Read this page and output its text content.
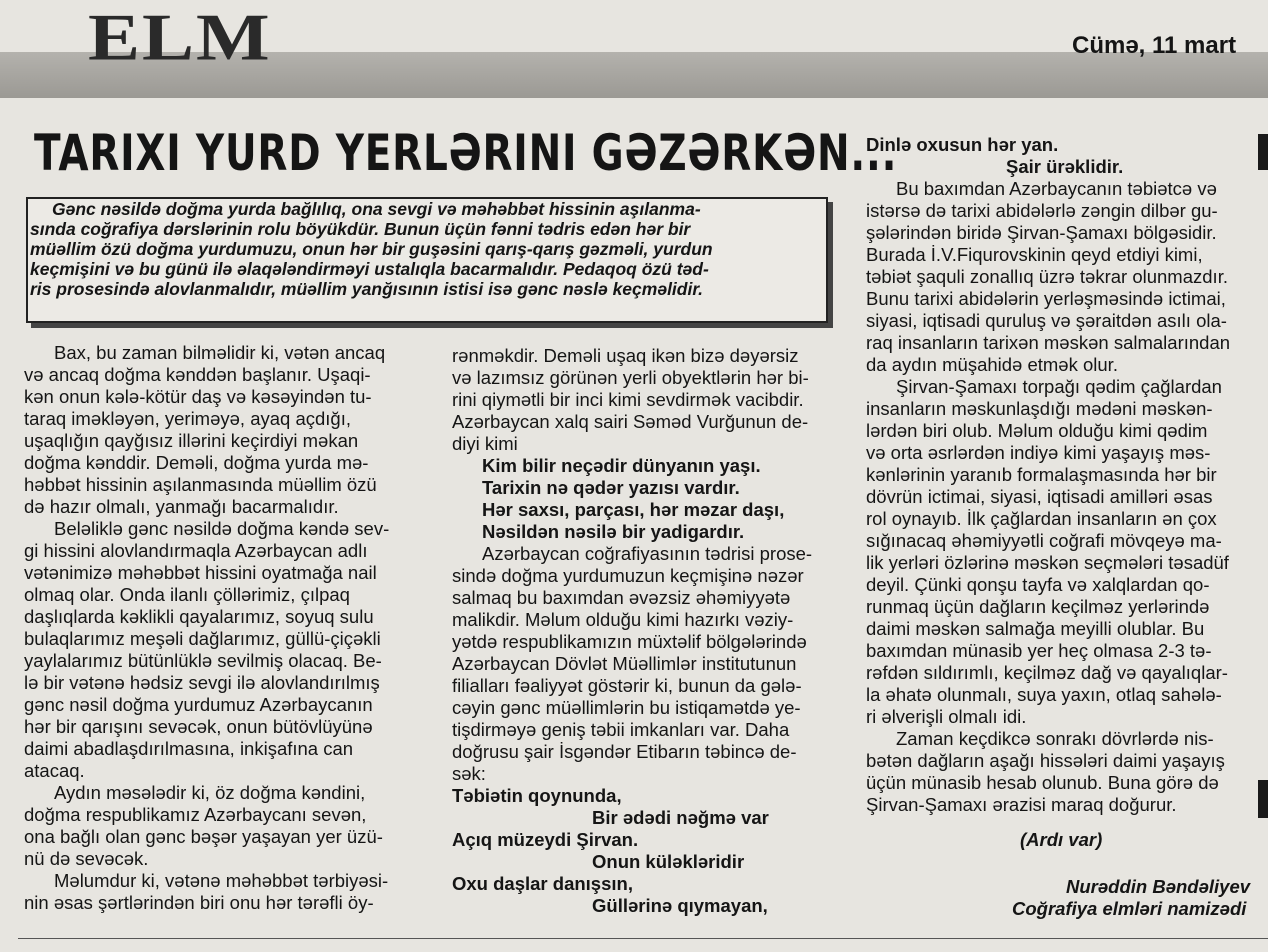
ELM	Cümə, 11 mart
TARIXI YURD YERLƏRINI GƏZƏRKƏN...
Gənc nəsildə doğma yurda bağlılıq, ona sevgi və məhəbbət hissinin aşılanma-
sında coğrafiya dərslərinin rolu böyükdür. Bunun üçün fənni tədris edən hər bir
müəllim özü doğma yurdumuzu, onun hər bir guşəsini qarış-qarış gəzməli, yurdun
keçmişini və bu günü ilə əlaqələndirməyi ustalıqla bacarmalıdır. Pedaqoq özü təd-
ris prosesində alovlanmalıdır, müəllim yanğısının istisi isə gənc nəslə keçməlidir.
Bax, bu zaman bilməlidir ki, vətən ancaq
və ancaq doğma kənddən başlanır. Uşaqi-
kən onun kələ-kötür daş və kəsəyindən tu-
taraq imәkləyən, yeriməyə, ayaq açdığı,
uşaqlığın qayğısız illərini keçirdiyi məkan
doğma kənddir. Deməli, doğma yurda mə-
həbbət hissinin aşılanmasında müəllim özü
də hazır olmalı, yanmağı bacarmalıdır.
Beləliklə gənc nəsildə doğma kəndə sev-
gi hissini alovlandırmaqla Azərbaycan adlı
vətənimizə məhəbbət hissini oyatmağa nail
olmaq olar. Onda ilanlı çöllərimiz, çılpaq
daşlıqlarda kəklikli qayalarımız, soyuq sulu
bulaqlarımız meşəli dağlarımız, güllü-çiçəkli
yaylalarımız bütünlüklə sevilmiş olacaq. Be-
lə bir vətənə hədsiz sevgi ilə alovlandırılmış
gənc nəsil doğma yurdumuz Azərbaycanın
hər bir qarışını sevəcək, onun bütövlüyünə
daimi abadlaşdırılmasına, inkişafına can
atacaq.
Aydın məsələdir ki, öz doğma kəndini,
doğma respublikamız Azərbaycanı sevən,
ona bağlı olan gənc bəşər yaşayan yer üzü-
nü də sevəcək.
Məlumdur ki, vətənə məhəbbət tərbiyəsi-
nin əsas şərtlərindən biri onu hər tərəfli öy-
rənməkdir. Deməli uşaq ikən bizə dəyərsiz
və lazımsız görünən yerli obyektlərin hər bi-
rini qiymətli bir inci kimi sevdirmək vacibdir.
Azərbaycan xalq sairi Səməd Vurğunun de-
diyi kimi
Kim bilir neçədir dünyanın yaşı.
Tarixin nə qədər yazısı vardır.
Hər saxsı, parçası, hər məzar daşı,
Nəsildən nəsilə bir yadigardır.
Azərbaycan coğrafiyasının tədrisi prose-
sində doğma yurdumuzun keçmişinə nəzər
salmaq bu baxımdan əvəzsiz əhəmiyyətə
malikdir. Məlum olduğu kimi hazırkı vəziy-
yətdə respublikamızın müxtəlif bölgələrində
Azərbaycan Dövlət Müəllimlər institutunun
filialları fəaliyyət göstərir ki, bunun da gələ-
cəyin gənc müəllimlərin bu istiqamətdə ye-
tişdirməyə geniş təbii imkanları var. Daha
doğrusu şair İsgəndər Etibarın təbincə de-
sək:
Təbiətin qoynunda,
Bir ədədi nəğmə var
Açıq müzeydi Şirvan.
Onun küləkləridir
Oxu daşlar danışsın,
Güllərinə qıymayan,
Dinlə oxusun hər yan.
Şair ürəklidir.
Bu baxımdan Azərbaycanın təbiətcə və
istərsə də tarixi abidələrlə zəngin dilbər gu-
şələrindən biridə Şirvan-Şamaxı bölgəsidir.
Burada İ.V.Fiqurovskinin qeyd etdiyi kimi,
təbiət şaquli zonallıq üzrə təkrar olunmazdır.
Bunu tarixi abidələrin yerləşməsində ictimai,
siyasi, iqtisadi quruluş və şəraitdən asılı ola-
raq insanların tarixən məskən salmalarından
da aydın müşahidə etmək olur.
Şirvan-Şamaxı torpağı qədim çağlardan
insanların məskunlaşdığı mədəni məskən-
lərdən biri olub. Məlum olduğu kimi qədim
və orta əsrlərdən indiyə kimi yaşayış məs-
kənlərinin yaranıb formalaşmasında hər bir
dövrün ictimai, siyasi, iqtisadi amilləri əsas
rol oynayıb. İlk çağlardan insanların ən çox
sığınacaq əhəmiyyətli coğrafi mövqeyə ma-
lik yerləri özlərinə məskən seçmələri təsadüf
deyil. Çünki qonşu tayfa və xalqlardan qo-
runmaq üçün dağların keçilməz yerlərində
daimi məskən salmağa meyilli olublar. Bu
baxımdan münasib yer heç olmasa 2-3 tə-
rəfdən sıldırımlı, keçilməz dağ və qayalıqlar-
la əhatə olunmalı, suya yaxın, otlaq sahələ-
ri əlverişli olmalı idi.
Zaman keçdikcə sonrakı dövrlərdə nis-
bətən dağların aşağı hissələri daimi yaşayış
üçün münasib hesab olunub. Buna görə də
Şirvan-Şamaxı ərazisi maraq doğurur.
(Ardı var)
Nurəddin Bəndəliyev
Coğrafiya elmləri namizədi
